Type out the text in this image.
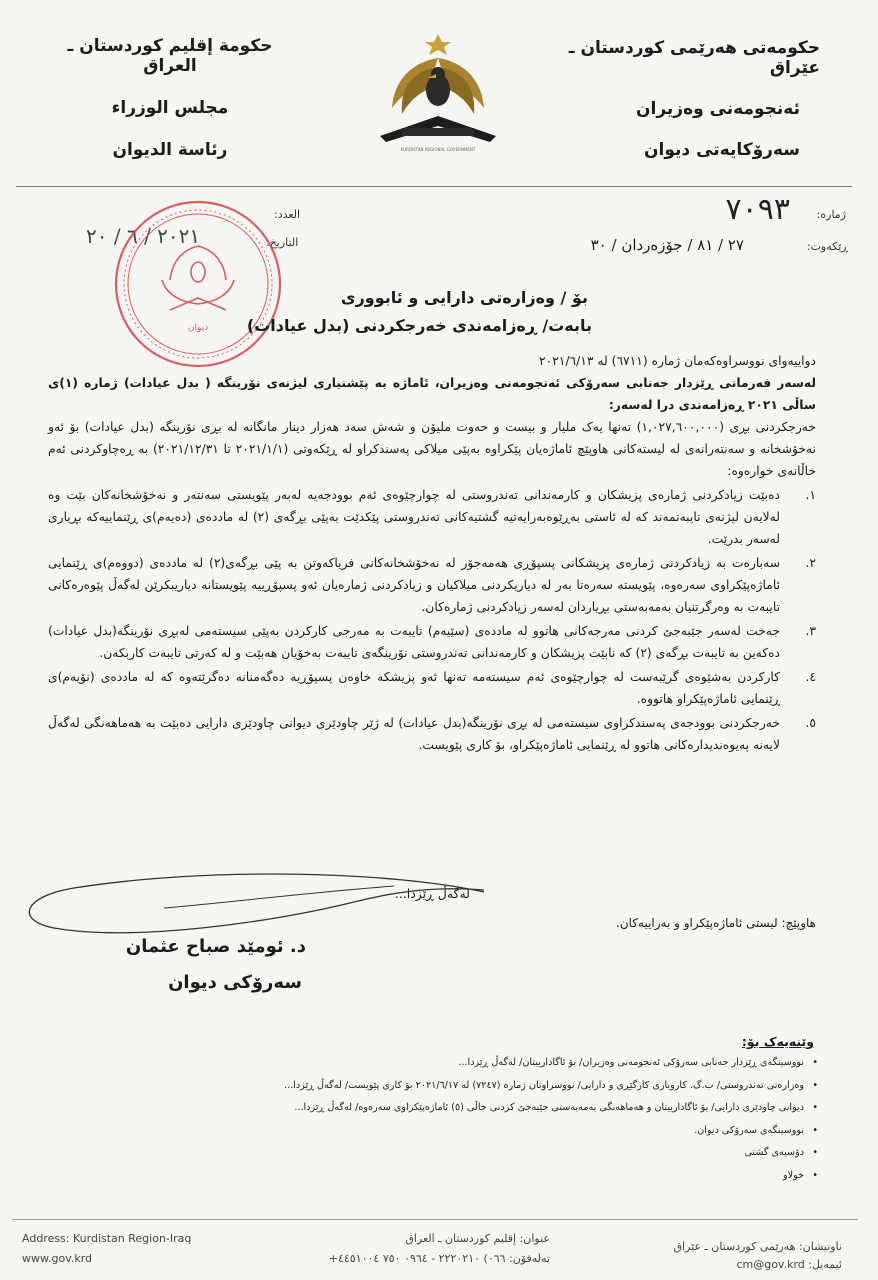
حکومەتی هەرێمی کوردستان ـ عێراق
ئەنجومەنی وەزیران
سەرۆکایەتی دیوان
حكومة إقليم كوردستان ـ العراق
مجلس الوزراء
رئاسة الديوان	KURDISTAN REGIONAL GOVERNMENT
ژمارە:
العدد:	٧٠٩٣
ڕێکەوت:
التاريخ:	٢٧ / ٨١ / جۆزەردان / ٣٠
٢٠٢١ / ٦ / ٢٠
دیوان
بۆ / وەزارەتی دارایی و ئابووری
بابەت/ ڕەزامەندی خەرجکردنی (بدل عيادات)

دواییەوای نووسراوەکەمان ژمارە (٦٧١١) لە ٢٠٢١/٦/١٣

لەسەر فەرمانی ڕێزدار جەنابی سەرۆکی ئەنجومەنی وەزیران، ئاماژە بە پێشنیاری لیژنەی نۆرینگە ( بدل عيادات) ژمارە (١)ی ساڵی ٢٠٢١ ڕەزامەندی درا لەسەر:

خەرجکردنی بڕی (١,٠٢٧,٦٠٠,٠٠٠) تەنها یەک ملیار و بیست و حەوت ملیۆن و شەش سەد هەزار دینار مانگانە لە بڕی نۆرینگە (بدل عيادات) بۆ ئەو نەخۆشخانە و سەنتەرانەی لە لیستەکانی هاوپێچ ئاماژەیان پێکراوە بەپێی میلاکی پەسندکراو لە ڕێکەوتی (٢٠٢١/١/١ تا ٢٠٢١/١٢/٣١) بە ڕەچاوکردنی ئەم خاڵانەی خوارەوە:

١.
دەبێت زیادکردنی ژمارەی پزیشکان و کارمەندانی تەندروستی لە چوارچێوەی ئەم بوودجەیە لەبەر پێویستی سەنتەر و نەخۆشخانەکان بێت وە لەلایەن لیژنەی تایبەتمەند کە لە ئاستی بەڕێوەبەرایەتیە گشتیەکانی تەندروستی پێکدێت بەپێی بڕگەی (٢) لە ماددەی (دەیەم)ی ڕێنماییەکە بڕیاری لەسەر بدرێت.
٢.
سەبارەت بە زیادکردنی ژمارەی پزیشکانی پسپۆڕی هەمەجۆر لە نەخۆشخانەکانی فریاکەوتن بە پێی بڕگەی(٢) لە ماددەی (دووەم)ی ڕێنمایی ئاماژەپێکراوی سەرەوە، پێویستە سەرەتا بەر لە دیاریکردنی میلاکیان و زیادکردنی ژمارەیان ئەو پسپۆڕییە پێویستانە دیاریبکرێن لەگەڵ پێوەرەکانی تایبەت بە وەرگرتنیان بەمەبەستی بڕیاردان لەسەر زیادکردنی ژمارەکان.
٣.
جەخت لەسەر جێبەجێ کردنی مەرجەکانی هاتوو لە ماددەی (سێیەم) تایبەت بە مەرجی کارکردن بەپێی سیستەمی لەبڕی نۆرینگە(بدل عيادات) دەکەین بە تایبەت بڕگەی (٢) کە نابێت پزیشکان و کارمەندانی تەندروستی نۆرینگەی تایبەت بەخۆیان هەبێت و لە کەرتی تایبەت کاربکەن.
٤.
کارکردن بەشێوەی گرێبەست لە چوارچێوەی ئەم سیستەمە تەنها ئەو پزیشکە خاوەن پسپۆڕیە دەگەمنانە دەگرێتەوە کە لە ماددەی (نۆیەم)ی ڕێنمایی ئاماژەپێکراو هاتووە.
٥.
خەرجکردنی بوودجەی پەسندکراوی سیستەمی لە بڕی نۆرینگە(بدل عيادات) لە ژێر چاودێری دیوانی چاودێری دارایی دەبێت بە هەماهەنگی لەگەڵ لایەنە پەیوەندیدارەکانی هاتوو لە ڕێنمایی ئاماژەپێکراو، بۆ کاری پێویست.
لەگەڵ ڕێزدا...
هاوپێچ: لیستی ئاماژەپێکراو و بەراییەکان.
د. ئومێد صباح عثمان
سەرۆکی دیوان
وێنەیەک بۆ:
• نووسینگەی ڕێزدار جەنابی سەرۆکی ئەنجومەنی وەزیران/ بۆ ئاگادارییتان/ لەگەڵ ڕێزدا...
• وەزارەتی تەندروستی/ ب.گ. کاروباری کارگێڕی و دارایی/ نووسراوتان ژمارە (٧٢٤٧) لە ٢٠٢١/٦/١٧ بۆ کاری پێویست/ لەگەڵ ڕێزدا...
• دیوانی چاودێری دارایی/ بۆ ئاگادارییتان و هەماهەنگی بەمەبەستی جێبەجێ کردنی خاڵی (٥) ئاماژەپێکراوی سەرەوە/ لەگەڵ ڕێزدا...
• نووسینگەی سەرۆکی دیوان.
• دۆسیەی گشتی
• خولاو
Address: Kurdistan Region-Iraq
www.gov.krd
عنوان: إقليم كوردستان ـ العراق
تەلەفۆن: ٠٦٦) ٢٢٢٠٢١٠ - ٠٩٦٤ ٧٥٠ ٤٤٥١٠٠٤+
ناونیشان: هەرێمی کوردستان ـ عێراق
ئیمەیل: cm@gov.krd
